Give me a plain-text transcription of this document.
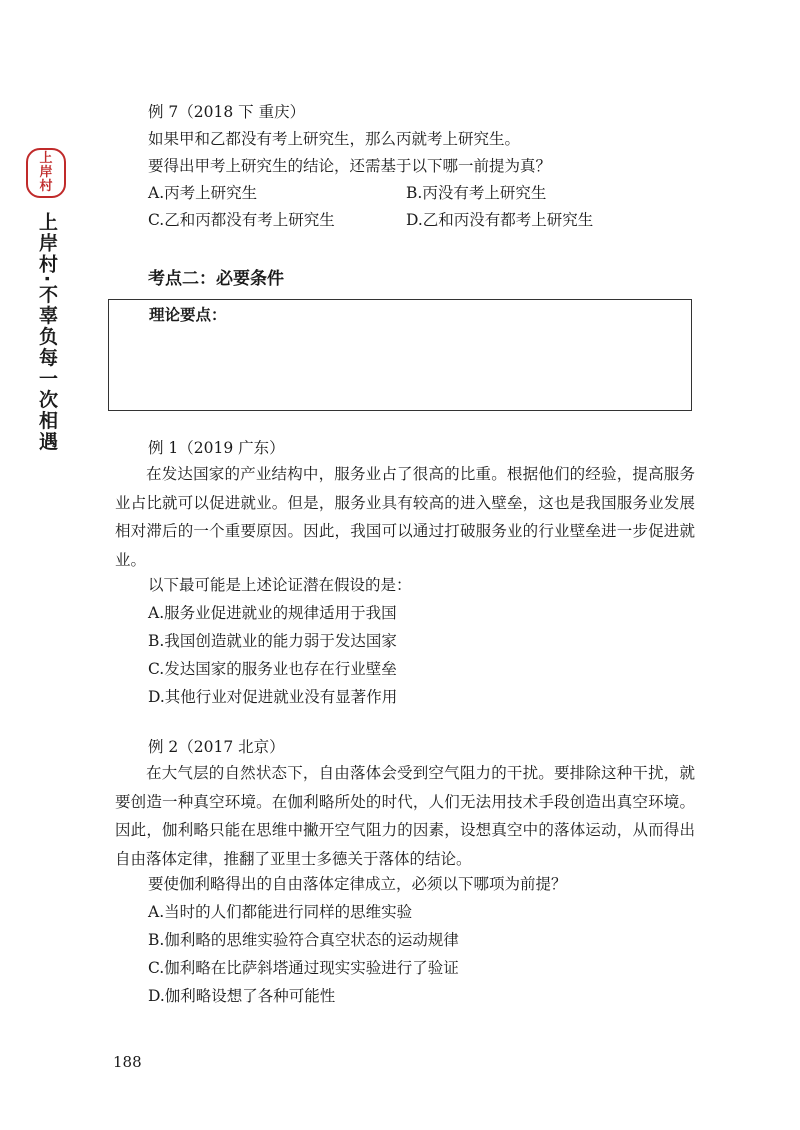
上
岸
村
上岸村·不辜负每一次相遇
例 7（2018 下 重庆）
如果甲和乙都没有考上研究生，那么丙就考上研究生。
要得出甲考上研究生的结论，还需基于以下哪一前提为真？
A.丙考上研究生	B.丙没有考上研究生
C.乙和丙都没有考上研究生	D.乙和丙没有都考上研究生
考点二：必要条件
理论要点：
例 1（2019 广东）
在发达国家的产业结构中，服务业占了很高的比重。根据他们的经验，提高服务业占比就可以促进就业。但是，服务业具有较高的进入壁垒，这也是我国服务业发展相对滞后的一个重要原因。因此，我国可以通过打破服务业的行业壁垒进一步促进就业。
以下最可能是上述论证潜在假设的是：
A.服务业促进就业的规律适用于我国
B.我国创造就业的能力弱于发达国家
C.发达国家的服务业也存在行业壁垒
D.其他行业对促进就业没有显著作用
例 2（2017 北京）
在大气层的自然状态下，自由落体会受到空气阻力的干扰。要排除这种干扰，就要创造一种真空环境。在伽利略所处的时代，人们无法用技术手段创造出真空环境。因此，伽利略只能在思维中撇开空气阻力的因素，设想真空中的落体运动，从而得出自由落体定律，推翻了亚里士多德关于落体的结论。
要使伽利略得出的自由落体定律成立，必须以下哪项为前提？
A.当时的人们都能进行同样的思维实验
B.伽利略的思维实验符合真空状态的运动规律
C.伽利略在比萨斜塔通过现实实验进行了验证
D.伽利略设想了各种可能性
188
